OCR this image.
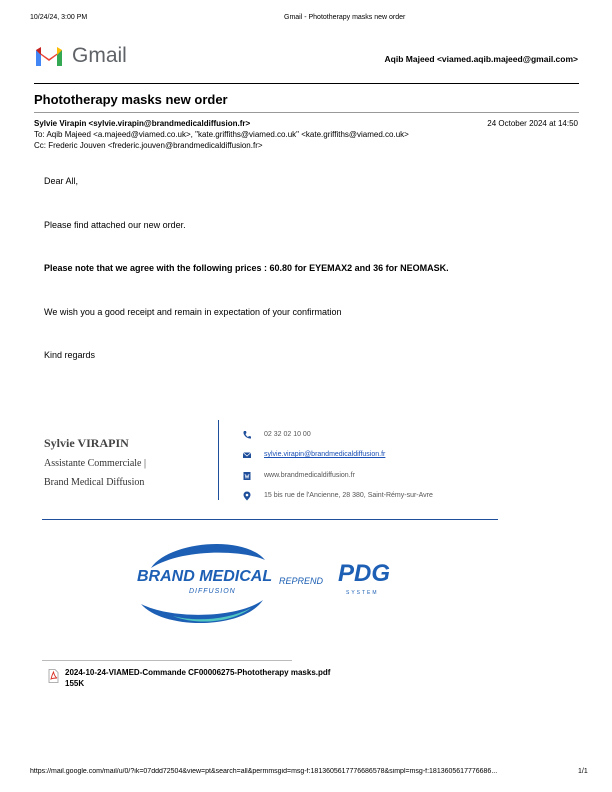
10/24/24, 3:00 PM	Gmail - Phototherapy masks new order
Gmail	Aqib Majeed <viamed.aqib.majeed@gmail.com>
Phototherapy masks new order
Sylvie Virapin <sylvie.virapin@brandmedicaldiffusion.fr>	24 October 2024 at 14:50
To: Aqib Majeed <a.majeed@viamed.co.uk>, "kate.griffiths@viamed.co.uk" <kate.griffiths@viamed.co.uk>
Cc: Frederic Jouven <frederic.jouven@brandmedicaldiffusion.fr>
Dear All,
Please find attached our new order.
Please note that we agree with the following prices : 60.80 for EYEMAX2 and 36 for NEOMASK.
We wish you a good receipt and remain in expectation of your confirmation
Kind regards
Sylvie VIRAPIN
Assistante Commerciale |
Brand Medical Diffusion
02 32 02 10 00
sylvie.virapin@brandmedicaldiffusion.fr
www.brandmedicaldiffusion.fr
15 bis rue de l'Ancienne, 28 380, Saint-Rémy-sur-Avre
BRAND MEDICAL
DIFFUSION
REPREND PDG
SYSTEM
2024-10-24-VIAMED-Commande CF00006275-Phototherapy masks.pdf
155K
https://mail.google.com/mail/u/0/?ik=07ddd72504&view=pt&search=all&permmsgid=msg-f:1813605617776686578&simpl=msg-f:1813605617776686...	1/1
